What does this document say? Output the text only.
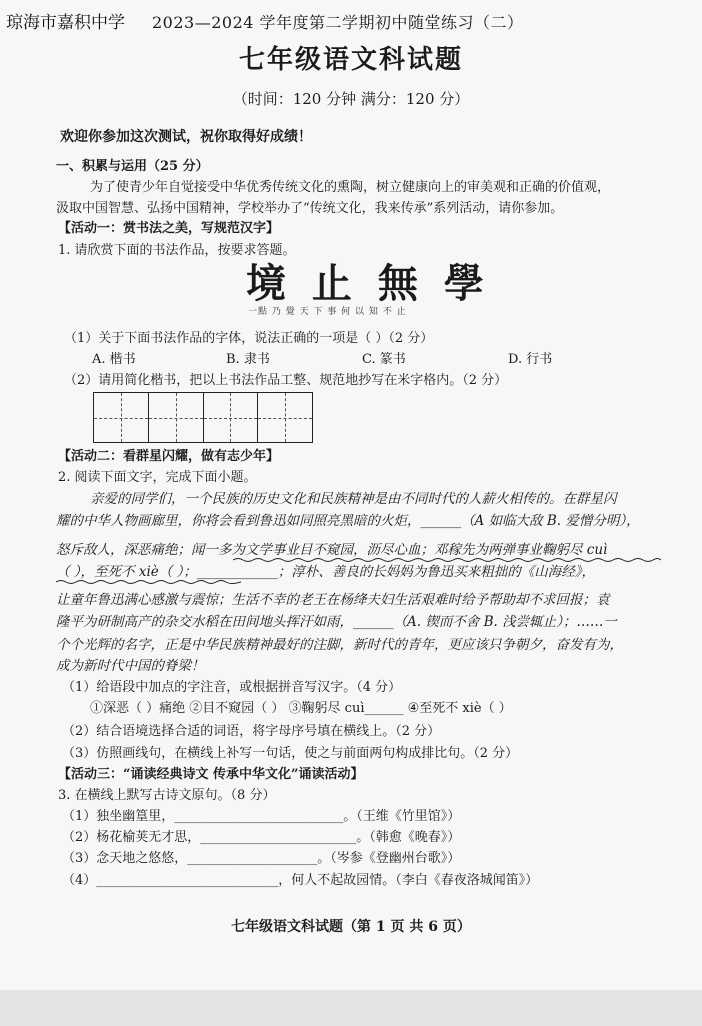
琼海市嘉积中学 2023—2024 学年度第二学期初中随堂练习（二）
七年级语文科试题
（时间：120 分钟 满分：120 分）
欢迎你参加这次测试，祝你取得好成绩！
一、积累与运用（25 分）
为了使青少年自觉接受中华优秀传统文化的熏陶，树立健康向上的审美观和正确的价值观，
汲取中国智慧、弘扬中国精神，学校举办了“传统文化，我来传承”系列活动，请你参加。
【活动一：赏书法之美，写规范汉字】
1. 请欣赏下面的书法作品，按要求答题。
境 止 無 學
一點 乃 覺 天 下 事 何 以 知 不 止
（1）关于下面书法作品的字体，说法正确的一项是（ ）（2 分）
A. 楷书	B. 隶书	C. 篆书	D. 行书
（2）请用简化楷书，把以上书法作品工整、规范地抄写在米字格内。（2 分）
【活动二：看群星闪耀，做有志少年】
2. 阅读下面文字，完成下面小题。
亲爱的同学们，一个民族的历史文化和民族精神是由不同时代的人薪火相传的。在群星闪
耀的中华人物画廊里，你将会看到鲁迅如同照亮黑暗的火炬，______（A 如临大敌 B. 爱憎分明），
怒斥敌人，深恶痛绝；闻一多为文学事业目不窥园，沥尽心血；邓稼先为两弹事业鞠躬尽 cuì
（ ），至死不 xiè（ ）；____________；淳朴、善良的长妈妈为鲁迅买来粗拙的《山海经》，
让童年鲁迅满心感激与震惊；生活不幸的老王在杨绛夫妇生活艰难时给予帮助却不求回报；袁
隆平为研制高产的杂交水稻在田间地头挥汗如雨，______（A. 锲而不舍 B. 浅尝辄止）；……一
个个光辉的名字，正是中华民族精神最好的注脚，新时代的青年，更应该只争朝夕，奋发有为，
成为新时代中国的脊梁！
（1）给语段中加点的字注音，或根据拼音写汉字。（4 分）
①深恶（ ）痛绝 ②目不窥园（ ） ③鞠躬尽 cuì______ ④至死不 xiè（ ）
（2）结合语境选择合适的词语，将字母序号填在横线上。（2 分）
（3）仿照画线句，在横线上补写一句话，使之与前面两句构成排比句。（2 分）
【活动三：“诵读经典诗文 传承中华文化”诵读活动】
3. 在横线上默写古诗文原句。（8 分）
（1）独坐幽篁里，__________________________。（王维《竹里馆》）
（2）杨花榆荚无才思，________________________。（韩愈《晚春》）
（3）念天地之悠悠，____________________。（岑参《登幽州台歌》）
（4）____________________________，何人不起故园情。（李白《春夜洛城闻笛》）
七年级语文科试题（第 1 页 共 6 页）
